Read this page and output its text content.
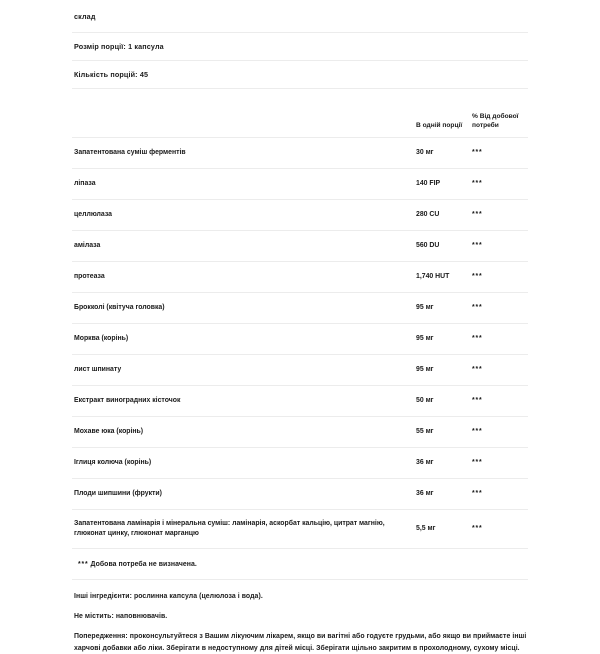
склад		
Розмір порції: 1 капсула		
Кількість порцій: 45		
	В одній порції	% Від добової потреби
Запатентована суміш ферментів	30 мг	***
ліпаза	140 FIP	***
целлюлаза	280 CU	***
амілаза	560 DU	***
протеаза	1,740 HUT	***
Брокколі (квітуча головка)	95 мг	***
Морква (корінь)	95 мг	***
лист шпинату	95 мг	***
Екстракт виноградних кісточок	50 мг	***
Мохаве юка (корінь)	55 мг	***
Іглиця колюча (корінь)	36 мг	***
Плоди шипшини (фрукти)	36 мг	***
Запатентована ламінарія і мінеральна суміш: ламінарія, аскорбат кальцію, цитрат магнію, глюконат цинку, глюконат марганцю	5,5 мг	***
*** Добова потреба не визначена.		

Інші інгредієнти: рослинна капсула (целюлоза і вода).

Не містить: наповнювачів.

Попередження: проконсультуйтеся з Вашим лікуючим лікарем, якщо ви вагітні або годуєте грудьми, або якщо ви приймаєте інші харчові добавки або ліки. Зберігати в недоступному для дітей місці. Зберігати щільно закритим в прохолодному, сухому місці.
